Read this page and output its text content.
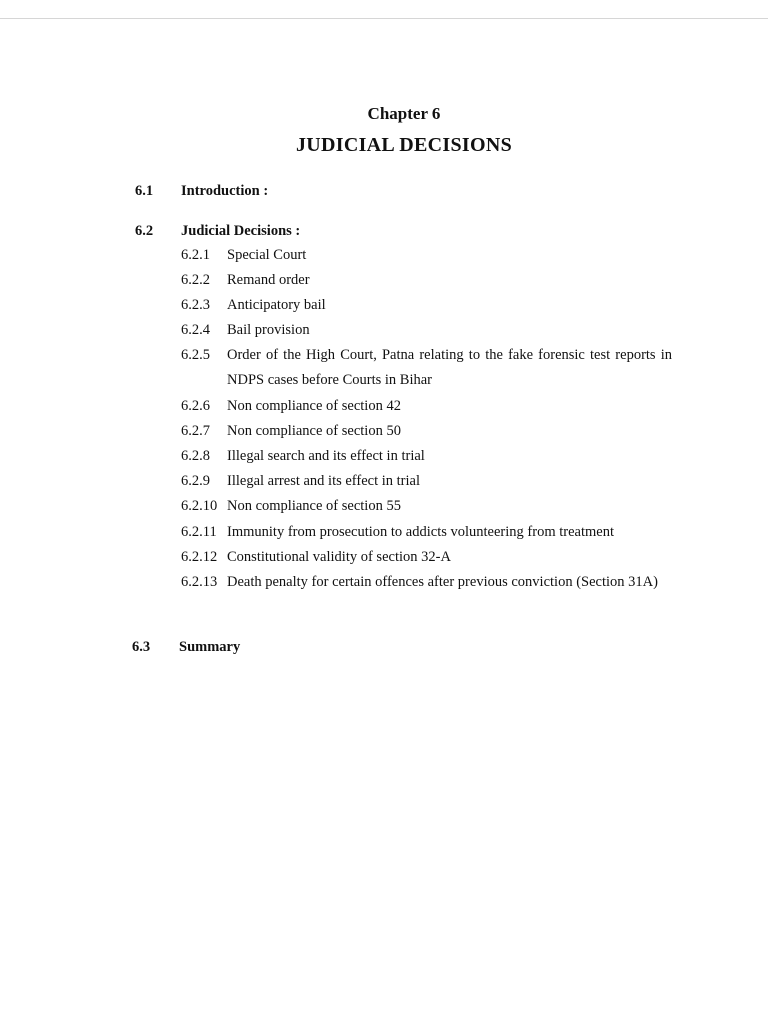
Chapter 6
JUDICIAL DECISIONS
6.1 Introduction :
6.2 Judicial Decisions :
6.2.1 Special Court
6.2.2 Remand order
6.2.3 Anticipatory bail
6.2.4 Bail provision
6.2.5 Order of the High Court, Patna relating to the fake forensic test reports in NDPS cases before Courts in Bihar
6.2.6 Non compliance of section 42
6.2.7 Non compliance of section 50
6.2.8 Illegal search and its effect in trial
6.2.9 Illegal arrest and its effect in trial
6.2.10 Non compliance of section 55
6.2.11 Immunity from prosecution to addicts volunteering from treatment
6.2.12 Constitutional validity of section 32-A
6.2.13 Death penalty for certain offences after previous conviction (Section 31A)
6.3 Summary
